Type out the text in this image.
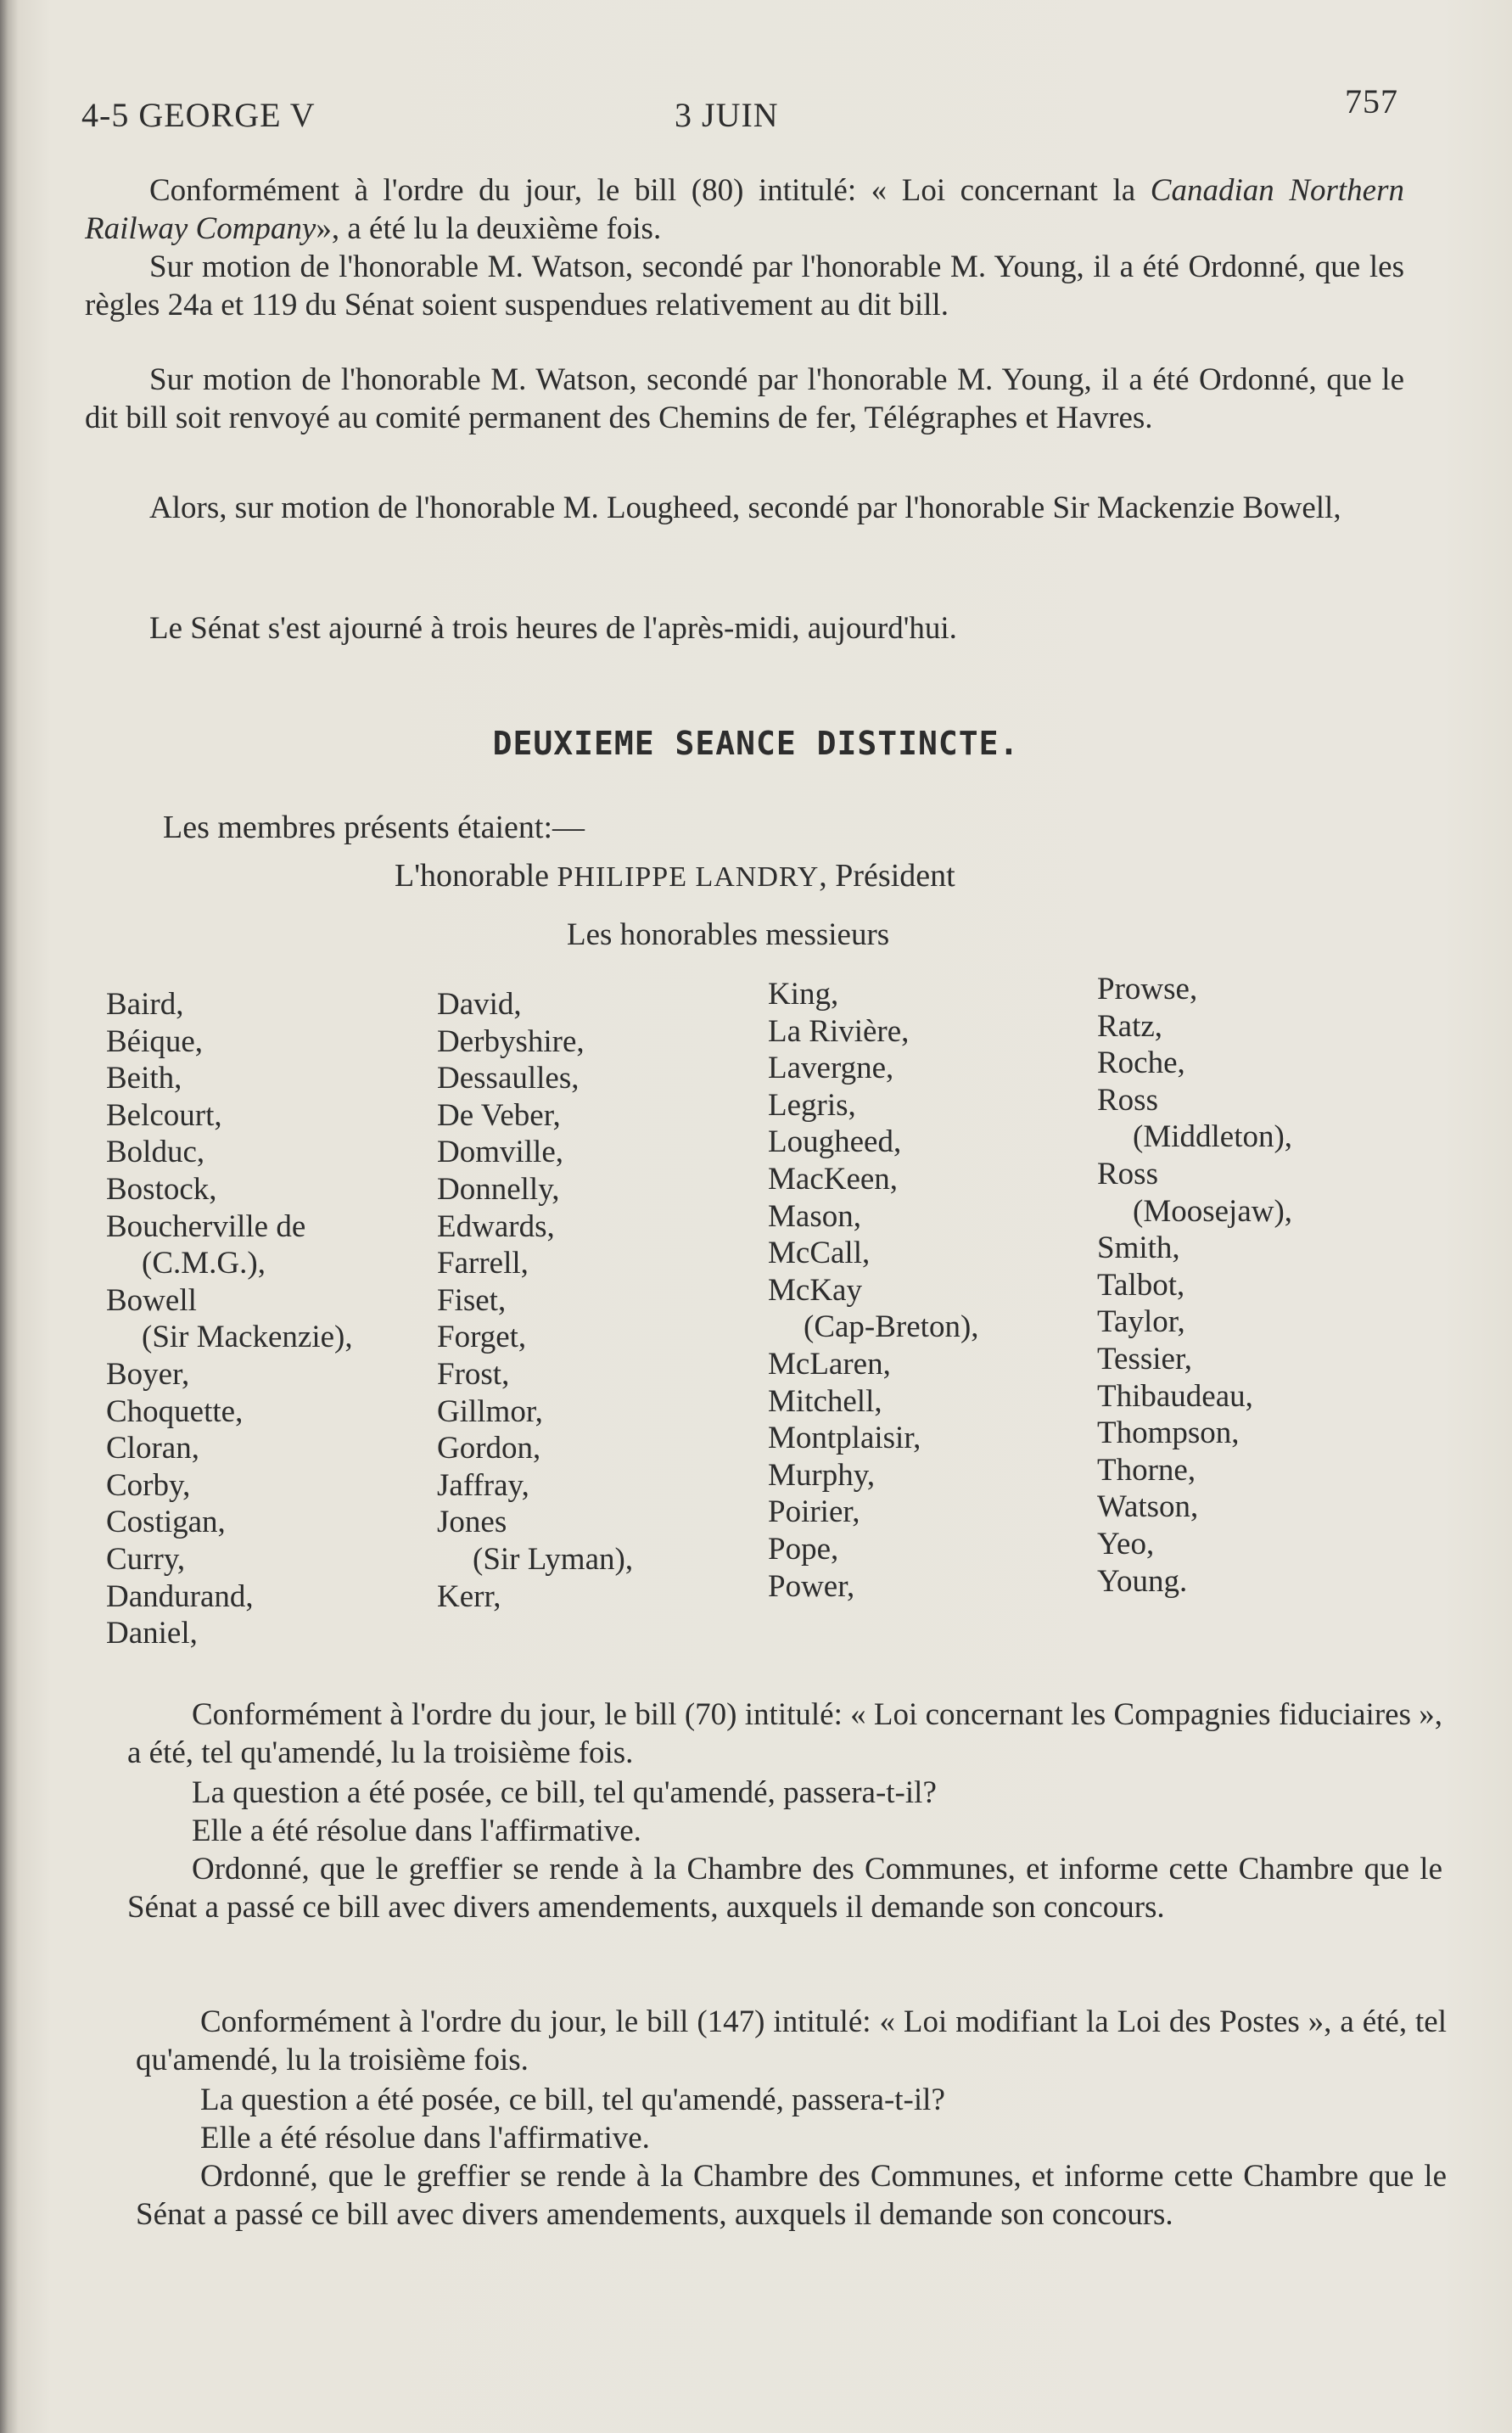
4-5 GEORGE V	3 JUIN	757

Conformément à l'ordre du jour, le bill (80) intitulé: « Loi concernant la Canadian Northern Railway Company», a été lu la deuxième fois.

Sur motion de l'honorable M. Watson, secondé par l'honorable M. Young, il a été Ordonné, que les règles 24a et 119 du Sénat soient suspendues relativement au dit bill.

Sur motion de l'honorable M. Watson, secondé par l'honorable M. Young, il a été Ordonné, que le dit bill soit renvoyé au comité permanent des Chemins de fer, Télégraphes et Havres.

Alors, sur motion de l'honorable M. Lougheed, secondé par l'honorable Sir Mackenzie Bowell,

Le Sénat s'est ajourné à trois heures de l'après-midi, aujourd'hui.

DEUXIEME SEANCE DISTINCTE.
Les membres présents étaient:—
L'honorable PHILIPPE LANDRY, Président
Les honorables messieurs
Baird,
Béique,
Beith,
Belcourt,
Bolduc,
Bostock,
Boucherville de
(C.M.G.),
Bowell
(Sir Mackenzie),
Boyer,
Choquette,
Cloran,
Corby,
Costigan,
Curry,
Dandurand,
Daniel,
David,
Derbyshire,
Dessaulles,
De Veber,
Domville,
Donnelly,
Edwards,
Farrell,
Fiset,
Forget,
Frost,
Gillmor,
Gordon,
Jaffray,
Jones
(Sir Lyman),
Kerr,
King,
La Rivière,
Lavergne,
Legris,
Lougheed,
MacKeen,
Mason,
McCall,
McKay
(Cap-Breton),
McLaren,
Mitchell,
Montplaisir,
Murphy,
Poirier,
Pope,
Power,
Prowse,
Ratz,
Roche,
Ross
(Middleton),
Ross
(Moosejaw),
Smith,
Talbot,
Taylor,
Tessier,
Thibaudeau,
Thompson,
Thorne,
Watson,
Yeo,
Young.

Conformément à l'ordre du jour, le bill (70) intitulé: « Loi concernant les Compagnies fiduciaires », a été, tel qu'amendé, lu la troisième fois.

La question a été posée, ce bill, tel qu'amendé, passera-t-il?

Elle a été résolue dans l'affirmative.

Ordonné, que le greffier se rende à la Chambre des Communes, et informe cette Chambre que le Sénat a passé ce bill avec divers amendements, auxquels il demande son concours.

Conformément à l'ordre du jour, le bill (147) intitulé: « Loi modifiant la Loi des Postes », a été, tel qu'amendé, lu la troisième fois.

La question a été posée, ce bill, tel qu'amendé, passera-t-il?

Elle a été résolue dans l'affirmative.

Ordonné, que le greffier se rende à la Chambre des Communes, et informe cette Chambre que le Sénat a passé ce bill avec divers amendements, auxquels il demande son concours.
